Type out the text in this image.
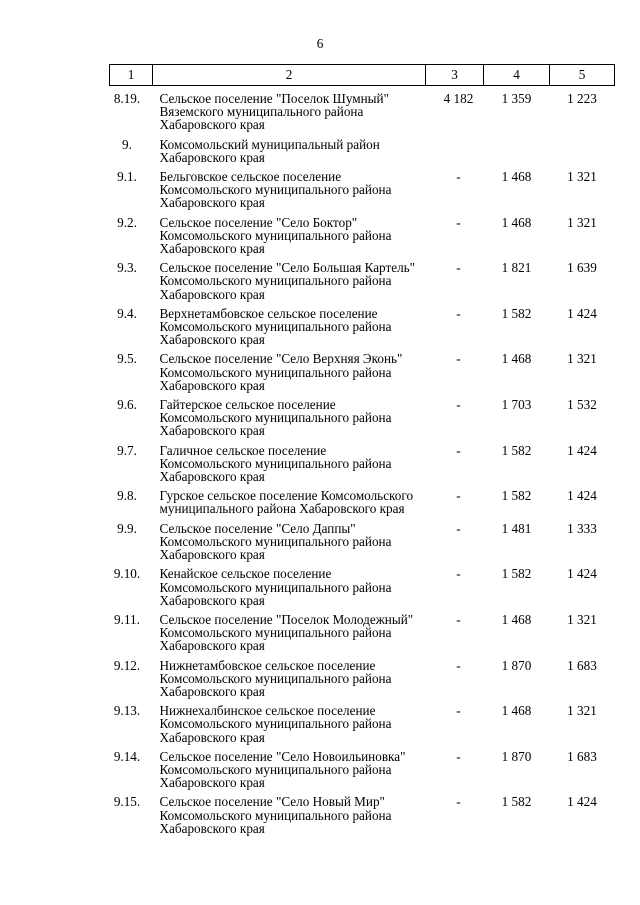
6
1	2	3	4	5
8.19.	Сельское поселение "Поселок Шумный" Вяземского муниципального района Хабаровского края	4 182	1 359	1 223
9.	Комсомольский муниципальный район Хабаровского края			
9.1.	Бельговское сельское поселение Комсомольского муниципального района Хабаровского края	-	1 468	1 321
9.2.	Сельское поселение "Село Боктор" Комсомольского муниципального района Хабаровского края	-	1 468	1 321
9.3.	Сельское поселение "Село Большая Картель" Комсомольского муниципального района Хабаровского края	-	1 821	1 639
9.4.	Верхнетамбовское сельское поселение Комсомольского муниципального района Хабаровского края	-	1 582	1 424
9.5.	Сельское поселение "Село Верхняя Эконь" Комсомольского муниципального района Хабаровского края	-	1 468	1 321
9.6.	Гайтерское сельское поселение Комсомольского муниципального района Хабаровского края	-	1 703	1 532
9.7.	Галичное сельское поселение Комсомольского муниципального района Хабаровского края	-	1 582	1 424
9.8.	Гурское сельское поселение Комсомольского муниципального района Хабаровского края	-	1 582	1 424
9.9.	Сельское поселение "Село Даппы" Комсомольского муниципального района Хабаровского края	-	1 481	1 333
9.10.	Кенайское сельское поселение Комсомольского муниципального района Хабаровского края	-	1 582	1 424
9.11.	Сельское поселение "Поселок Молодежный" Комсомольского муниципального района Хабаровского края	-	1 468	1 321
9.12.	Нижнетамбовское сельское поселение Комсомольского муниципального района Хабаровского края	-	1 870	1 683
9.13.	Нижнехалбинское сельское поселение Комсомольского муниципального района Хабаровского края	-	1 468	1 321
9.14.	Сельское поселение "Село Новоильиновка" Комсомольского муниципального района Хабаровского края	-	1 870	1 683
9.15.	Сельское поселение "Село Новый Мир" Комсомольского муниципального района Хабаровского края	-	1 582	1 424
